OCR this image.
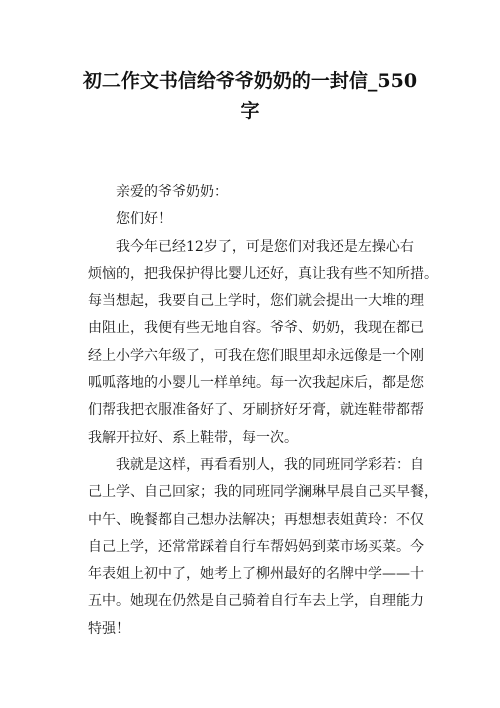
初二作文书信给爷爷奶奶的一封信_550
字
亲爱的爷爷奶奶：
您们好！
我今年已经12岁了，可是您们对我还是左操心右
烦恼的，把我保护得比婴儿还好，真让我有些不知所措。
每当想起，我要自己上学时，您们就会提出一大堆的理
由阻止，我便有些无地自容。爷爷、奶奶，我现在都已
经上小学六年级了，可我在您们眼里却永远像是一个刚
呱呱落地的小婴儿一样单纯。每一次我起床后，都是您
们帮我把衣服准备好了、牙刷挤好牙膏，就连鞋带都帮
我解开拉好、系上鞋带，每一次。
我就是这样，再看看别人，我的同班同学彩若：自
己上学、自己回家；我的同班同学澜琳早晨自己买早餐，
中午、晚餐都自己想办法解决；再想想表姐黄玲：不仅
自己上学，还常常踩着自行车帮妈妈到菜市场买菜。今
年表姐上初中了，她考上了柳州最好的名牌中学——十
五中。她现在仍然是自己骑着自行车去上学，自理能力
特强！
